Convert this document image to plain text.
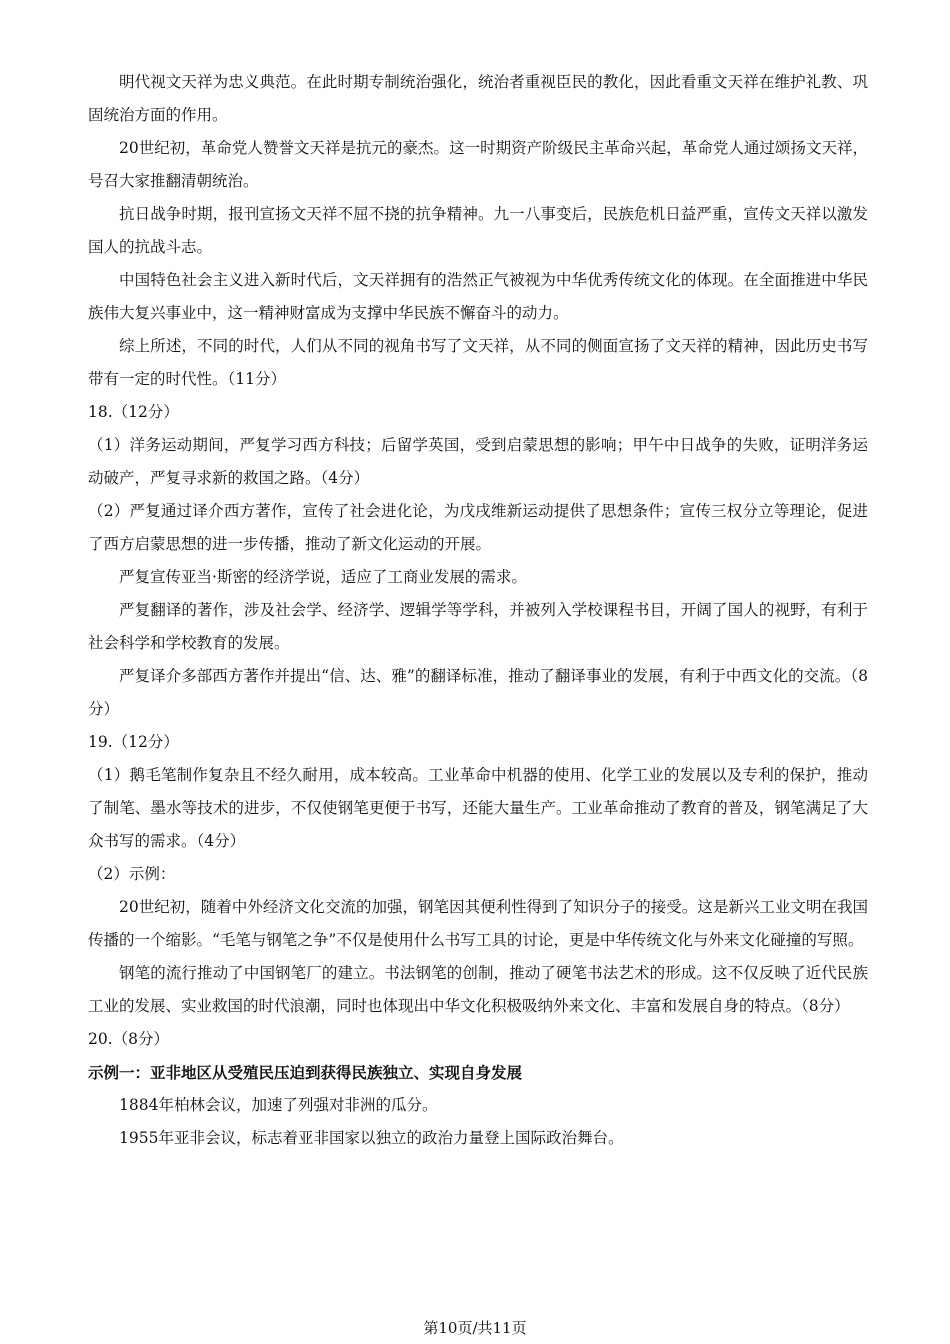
明代视文天祥为忠义典范。在此时期专制统治强化，统治者重视臣民的教化，因此看重文天祥在维护礼教、巩固统治方面的作用。

20世纪初，革命党人赞誉文天祥是抗元的豪杰。这一时期资产阶级民主革命兴起，革命党人通过颂扬文天祥，号召大家推翻清朝统治。

抗日战争时期，报刊宣扬文天祥不屈不挠的抗争精神。九一八事变后，民族危机日益严重，宣传文天祥以激发国人的抗战斗志。

中国特色社会主义进入新时代后，文天祥拥有的浩然正气被视为中华优秀传统文化的体现。在全面推进中华民族伟大复兴事业中，这一精神财富成为支撑中华民族不懈奋斗的动力。

综上所述，不同的时代，人们从不同的视角书写了文天祥，从不同的侧面宣扬了文天祥的精神，因此历史书写带有一定的时代性。（11分）

18.（12分）

（1）洋务运动期间，严复学习西方科技；后留学英国，受到启蒙思想的影响；甲午中日战争的失败，证明洋务运动破产，严复寻求新的救国之路。（4分）

（2）严复通过译介西方著作，宣传了社会进化论，为戊戌维新运动提供了思想条件；宣传三权分立等理论，促进了西方启蒙思想的进一步传播，推动了新文化运动的开展。

严复宣传亚当·斯密的经济学说，适应了工商业发展的需求。

严复翻译的著作，涉及社会学、经济学、逻辑学等学科，并被列入学校课程书目，开阔了国人的视野，有利于社会科学和学校教育的发展。

严复译介多部西方著作并提出“信、达、雅”的翻译标准，推动了翻译事业的发展，有利于中西文化的交流。（8分）

19.（12分）

（1）鹅毛笔制作复杂且不经久耐用，成本较高。工业革命中机器的使用、化学工业的发展以及专利的保护，推动了制笔、墨水等技术的进步，不仅使钢笔更便于书写，还能大量生产。工业革命推动了教育的普及，钢笔满足了大众书写的需求。（4分）

（2）示例：

20世纪初，随着中外经济文化交流的加强，钢笔因其便利性得到了知识分子的接受。这是新兴工业文明在我国传播的一个缩影。“毛笔与钢笔之争”不仅是使用什么书写工具的讨论，更是中华传统文化与外来文化碰撞的写照。

钢笔的流行推动了中国钢笔厂的建立。书法钢笔的创制，推动了硬笔书法艺术的形成。这不仅反映了近代民族工业的发展、实业救国的时代浪潮，同时也体现出中华文化积极吸纳外来文化、丰富和发展自身的特点。（8分）

20.（8分）

示例一：亚非地区从受殖民压迫到获得民族独立、实现自身发展

1884年柏林会议，加速了列强对非洲的瓜分。

1955年亚非会议，标志着亚非国家以独立的政治力量登上国际政治舞台。

第10页/共11页
